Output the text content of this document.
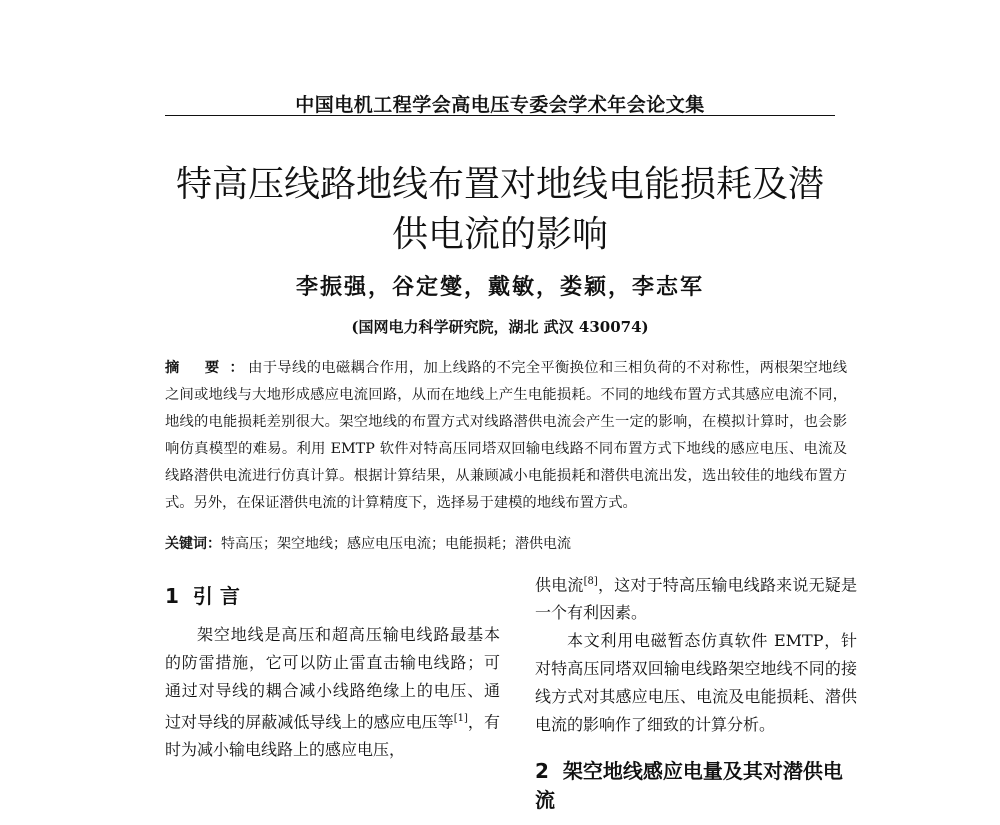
中国电机工程学会高电压专委会学术年会论文集
特高压线路地线布置对地线电能损耗及潜供电流的影响
李振强，谷定燮，戴敏，娄颖，李志军
(国网电力科学研究院，湖北 武汉 430074)
摘 要：由于导线的电磁耦合作用，加上线路的不完全平衡换位和三相负荷的不对称性，两根架空地线之间或地线与大地形成感应电流回路，从而在地线上产生电能损耗。不同的地线布置方式其感应电流不同，地线的电能损耗差别很大。架空地线的布置方式对线路潜供电流会产生一定的影响，在模拟计算时，也会影响仿真模型的难易。利用 EMTP 软件对特高压同塔双回输电线路不同布置方式下地线的感应电压、电流及线路潜供电流进行仿真计算。根据计算结果，从兼顾减小电能损耗和潜供电流出发，选出较佳的地线布置方式。另外，在保证潜供电流的计算精度下，选择易于建模的地线布置方式。
关键词：特高压；架空地线；感应电压电流；电能损耗；潜供电流
1 引 言

架空地线是高压和超高压输电线路最基本的防雷措施，它可以防止雷直击输电线路；可通过对导线的耦合减小线路绝缘上的电压、通过对导线的屏蔽减低导线上的感应电压等[1]，有时为减小输电线路上的感应电压，

供电流[8]，这对于特高压输电线路来说无疑是一个有利因素。

本文利用电磁暂态仿真软件 EMTP，针对特高压同塔双回输电线路架空地线不同的接线方式对其感应电压、电流及电能损耗、潜供电流的影响作了细致的计算分析。

2 架空地线感应电量及其对潜供电流
